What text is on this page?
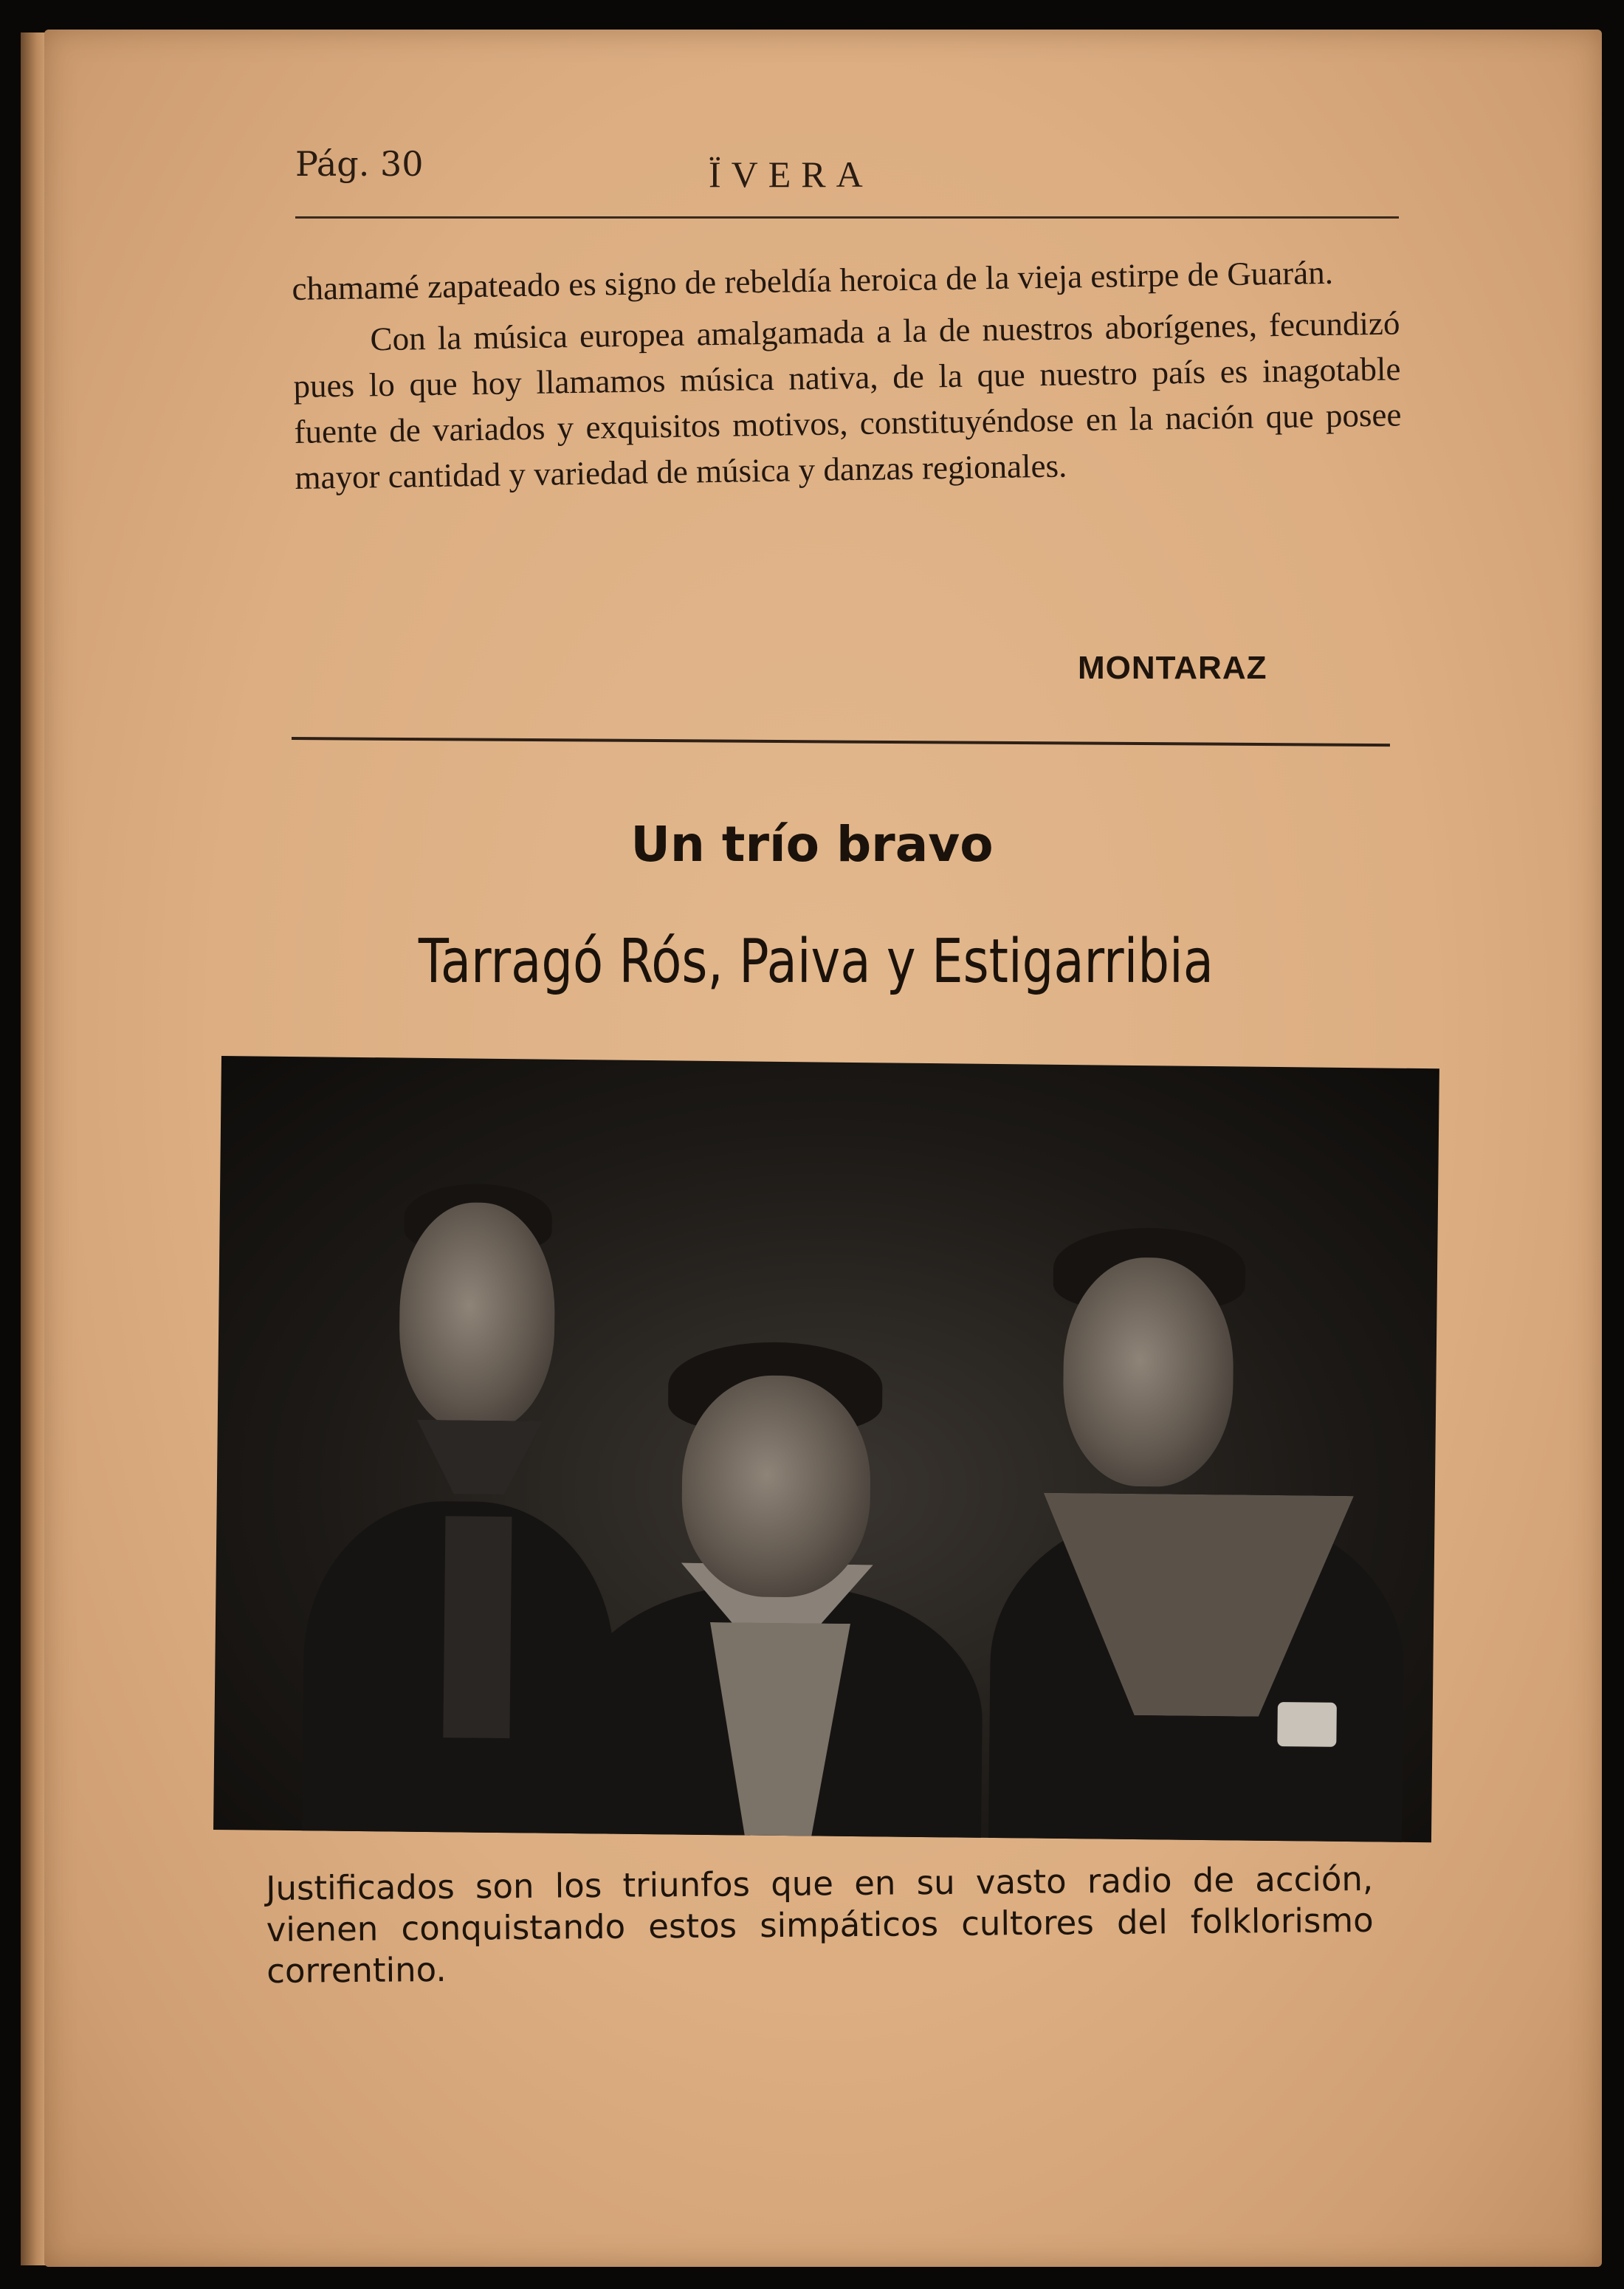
Pág. 30	ÏVERA

chamamé zapateado es signo de rebeldía heroica de la vieja estirpe de Guarán.

Con la música europea amalgamada a la de nuestros aborígenes, fecundizó pues lo que hoy llamamos música nativa, de la que nuestro país es inagotable fuente de variados y exquisitos motivos, constituyéndose en la nación que posee mayor cantidad y variedad de música y danzas regionales.

MONTARAZ
Un trío bravo
Tarragó Rós, Paiva y Estigarribia
Justificados son los triunfos que en su vasto radio de acción, vienen conquistando estos simpáticos cultores del folklorismo correntino.
